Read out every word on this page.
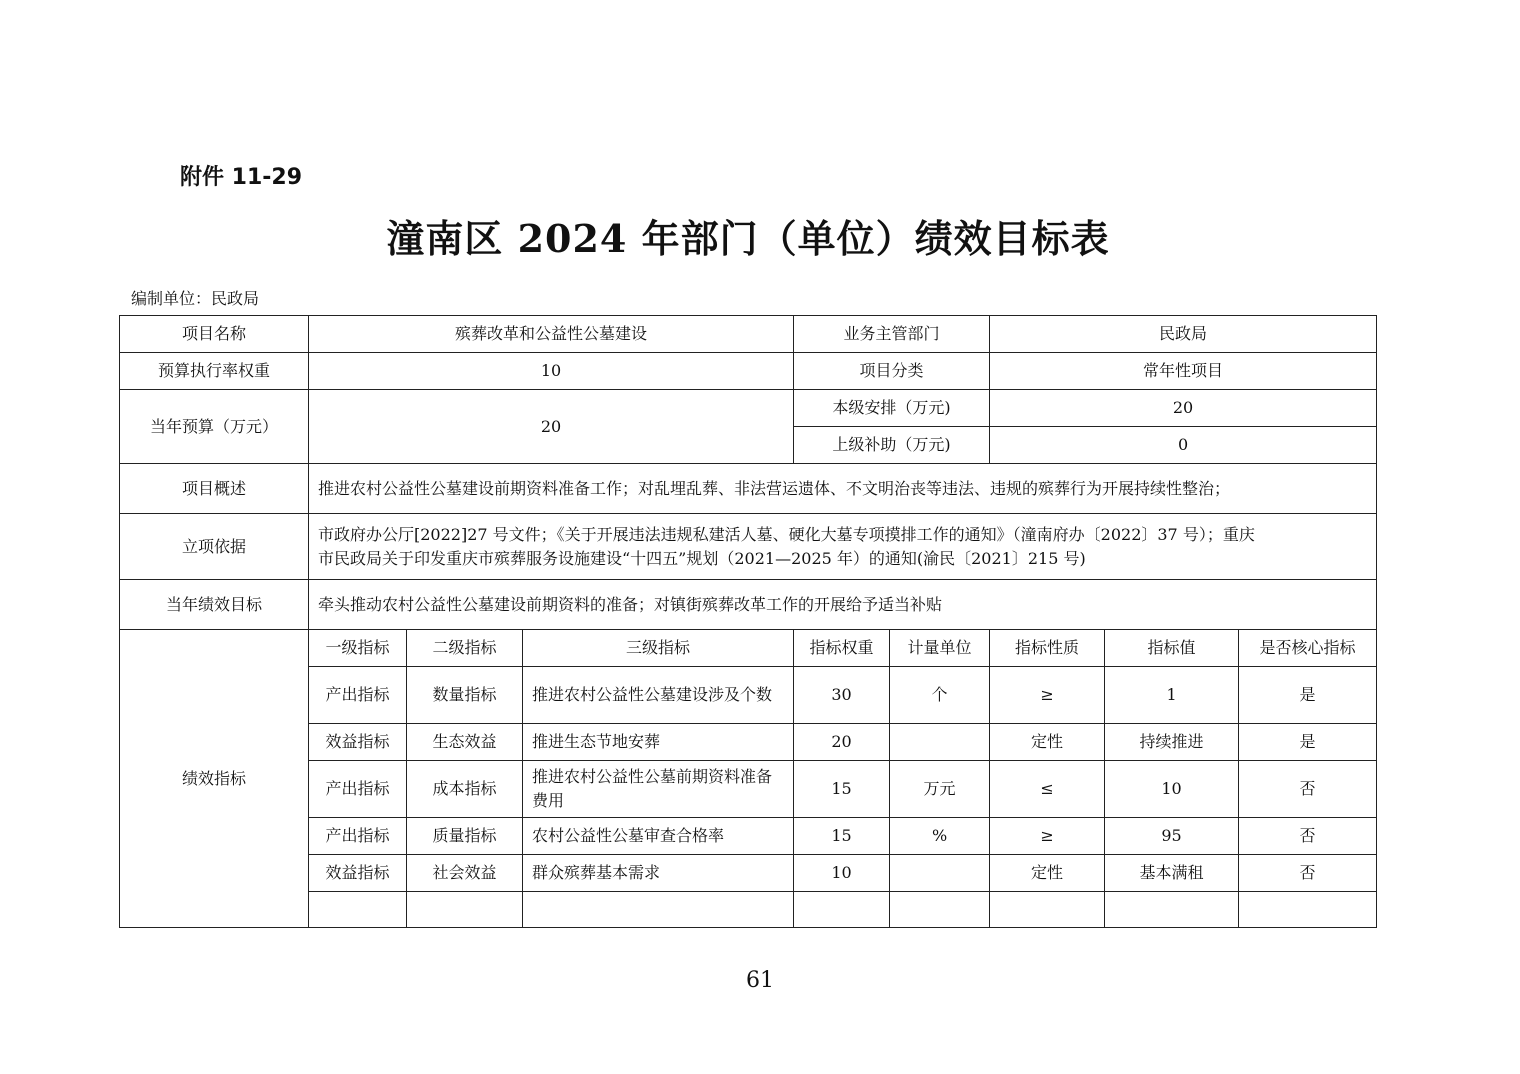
附件 11-29
潼南区 2024 年部门（单位）绩效目标表
编制单位：民政局
项目名称	殡葬改革和公益性公墓建设			业务主管部门		民政局		
预算执行率权重	10			项目分类		常年性项目		
当年预算（万元）	20			本级安排（万元)		20		
				上级补助（万元)		0		
项目概述	推进农村公益性公墓建设前期资料准备工作；对乱埋乱葬、非法营运遗体、不文明治丧等违法、违规的殡葬行为开展持续性整治；							
立项依据	市政府办公厅[2022]27 号文件；《关于开展违法违规私建活人墓、硬化大墓专项摸排工作的通知》（潼南府办〔2022〕37 号）；重庆
市民政局关于印发重庆市殡葬服务设施建设“十四五”规划（2021—2025 年）的通知(渝民〔2021〕215 号)							

当年绩效目标	牵头推动农村公益性公墓建设前期资料的准备；对镇街殡葬改革工作的开展给予适当补贴							
绩效指标	一级指标	二级指标	三级指标	指标权重	计量单位	指标性质	指标值	是否核心指标
	产出指标	数量指标	推进农村公益性公墓建设涉及个数	30	个	≥	1	是
	效益指标	生态效益	推进生态节地安葬	20		定性	持续推进	是
	产出指标	成本指标	推进农村公益性公墓前期资料准备费用	15	万元	≤	10	否
	产出指标	质量指标	农村公益性公墓审查合格率	15	%	≥	95	否
	效益指标	社会效益	群众殡葬基本需求	10		定性	基本满租	否

61
